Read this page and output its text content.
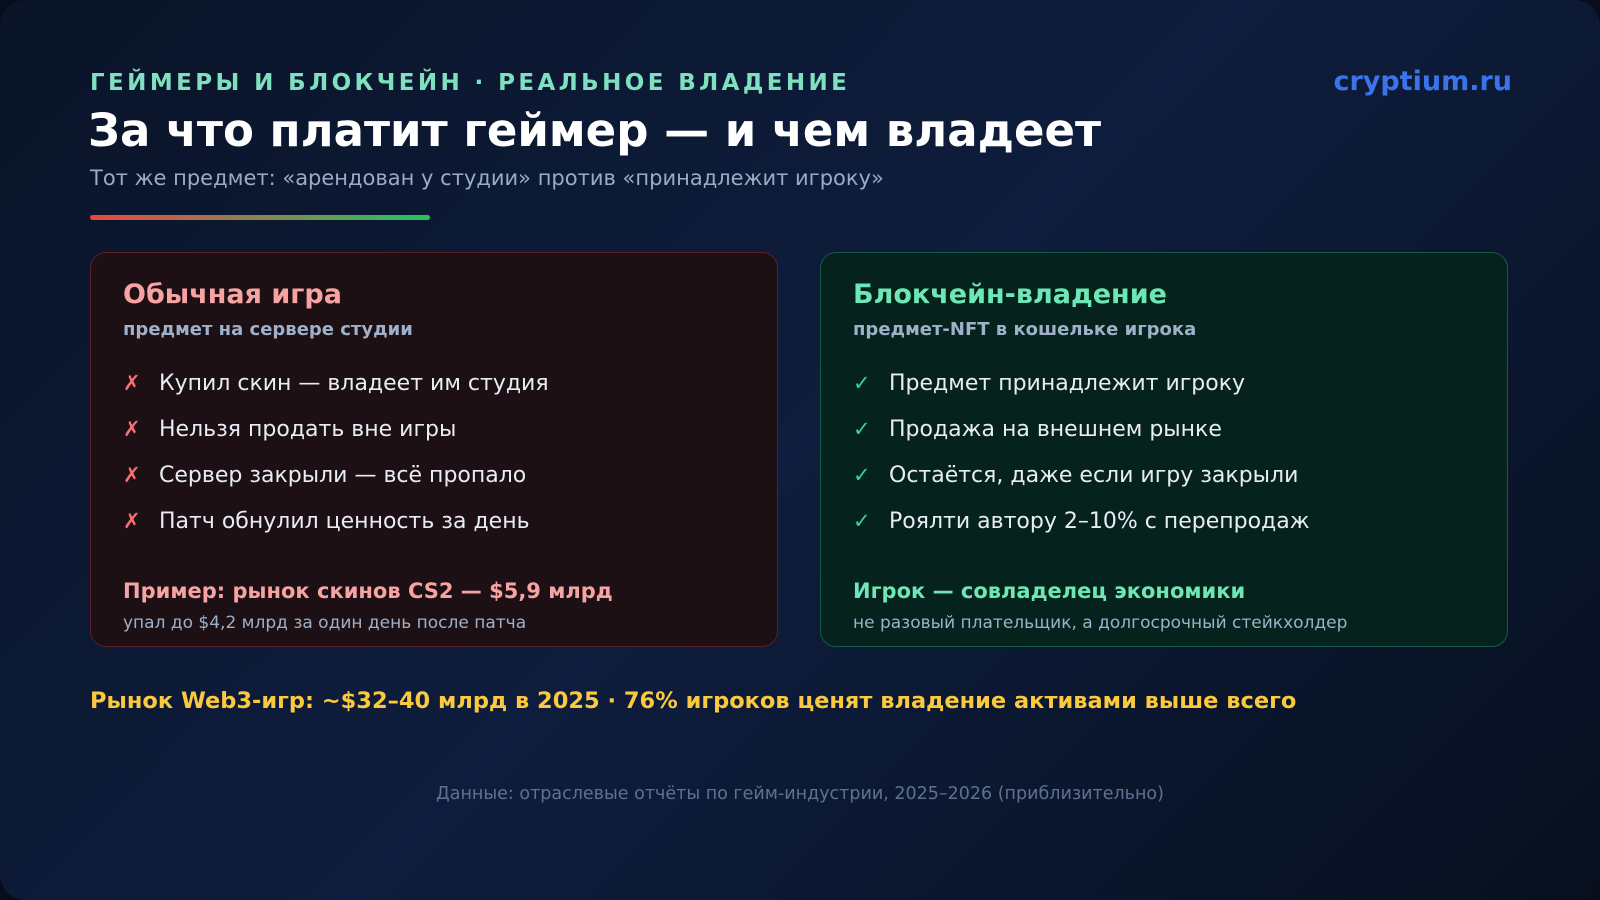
ГЕЙМЕРЫ И БЛОКЧЕЙН · РЕАЛЬНОЕ ВЛАДЕНИЕ	cryptium.ru
За что платит геймер — и чем владеет

Тот же предмет: «арендован у студии» против «принадлежит игроку»

Обычная игра

предмет на сервере студии

✗ Купил скин — владеет им студия
✗ Нельзя продать вне игры
✗ Сервер закрыли — всё пропало
✗ Патч обнулил ценность за день

Пример: рынок скинов CS2 — $5,9 млрд

упал до $4,2 млрд за один день после патча

Блокчейн-владение

предмет-NFT в кошельке игрока

✓ Предмет принадлежит игроку
✓ Продажа на внешнем рынке
✓ Остаётся, даже если игру закрыли
✓ Роялти автору 2–10% с перепродаж

Игрок — совладелец экономики

не разовый плательщик, а долгосрочный стейкхолдер

Рынок Web3-игр: ~$32–40 млрд в 2025 · 76% игроков ценят владение активами выше всего

Данные: отраслевые отчёты по гейм-индустрии, 2025–2026 (приблизительно)
